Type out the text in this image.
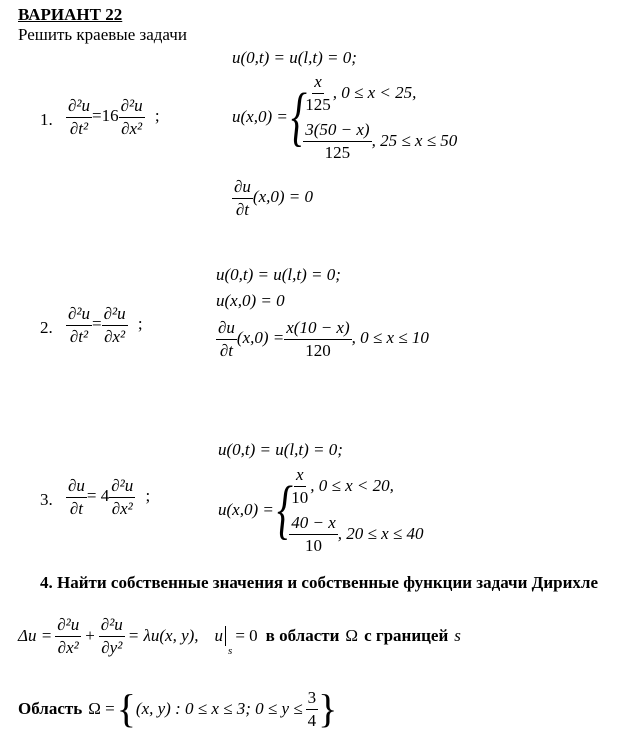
ВАРИАНТ 22
Решить краевые задачи
1. $\frac{\text{∂²u}}{\text{∂t²}} =16 \frac{\text{∂²u}}{\text{∂x²}}$ ;
u(0,t) = u(l,t) = 0;
u(x,0) = {
$\frac{x}{125}$ , 0 ≤ x < 25,
$\frac{3(50 - x)}{125}$ , 25 ≤ x ≤ 50
$\frac{\partial u}{\partial t} (x,0) = 0$
2. $\frac{\text{∂²u}}{\text{∂t²}} = \frac{\text{∂²u}}{\text{∂x²}}$ ;
u(0,t) = u(l,t) = 0;
u(x,0) = 0
$\frac{\partial u}{\partial t} (x,0) = \frac{x(10 - x)}{120}$ , 0 ≤ x ≤ 10
3. $\frac{\partial u}{\partial t} = 4 \frac{\text{∂²u}}{\text{∂x²}}$ ;
u(0,t) = u(l,t) = 0;
u(x,0) = {
$\frac{x}{10}$ , 0 ≤ x < 20,
$\frac{40 - x}{10}$ , 20 ≤ x ≤ 40
4. Найти собственные значения и собственные функции задачи Дирихле
$\Delta u = \frac{\text{∂²u}}{\text{∂x²}} + \frac{\text{∂²u}}{\text{∂y²}} = \lambda u(x$, y), u
$_s$
= 0 в области Ω с границей s
Область Ω = { (x, y) : 0 ≤ x ≤ 3; $0 \le y \le \frac{3}{4}$ }
